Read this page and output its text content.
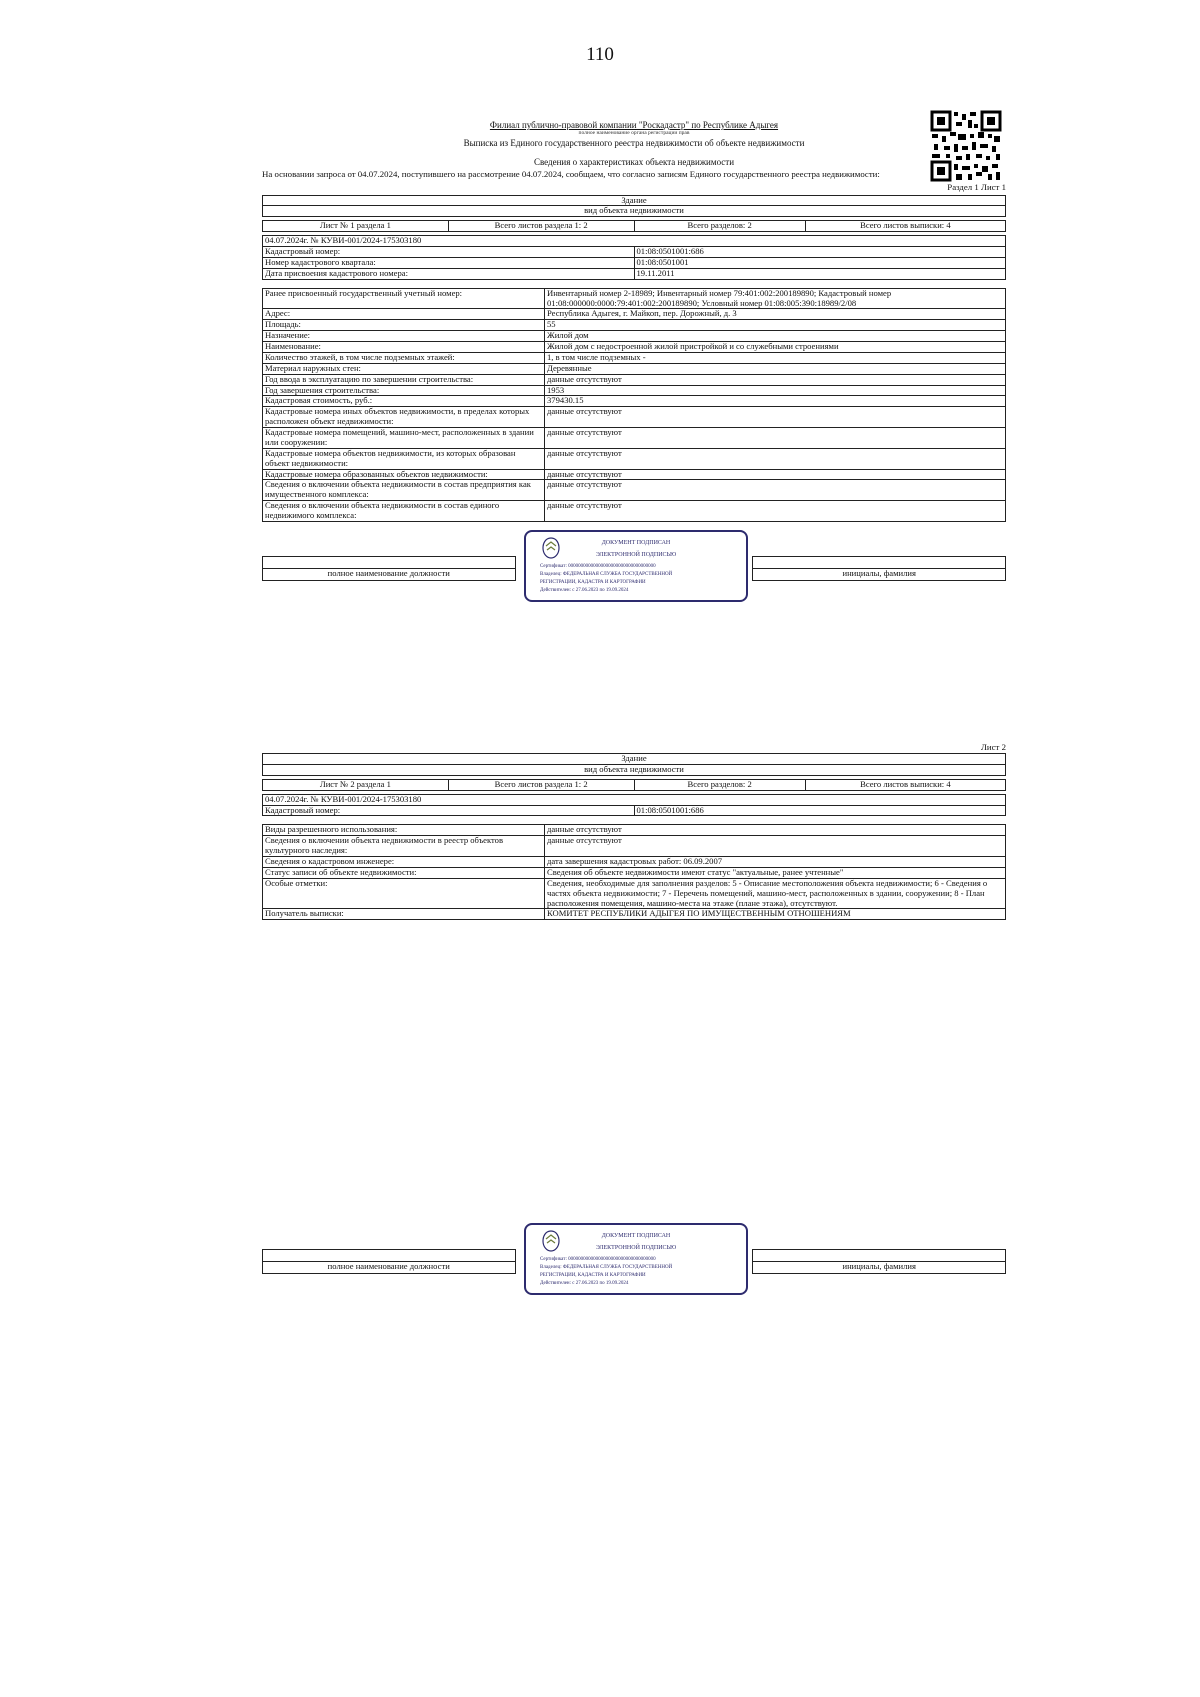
110
Филиал публично-правовой компании "Роскадастр" по Республике Адыгея
полное наименование органа регистрации прав
Выписка из Единого государственного реестра недвижимости об объекте недвижимости
Сведения о характеристиках объекта недвижимости
На основании запроса от 04.07.2024, поступившего на рассмотрение 04.07.2024, сообщаем, что согласно записям Единого государственного реестра недвижимости:
Раздел 1 Лист 1
Здание
вид объекта недвижимости
Лист № 1 раздела 1	Всего листов раздела 1: 2	Всего разделов: 2	Всего листов выписки: 4
04.07.2024г. № КУВИ-001/2024-175303180	
Кадастровый номер:	01:08:0501001:686
Номер кадастрового квартала:	01:08:0501001
Дата присвоения кадастрового номера:	19.11.2011
Ранее присвоенный государственный учетный номер:	Инвентарный номер 2-18989; Инвентарный номер 79:401:002:200189890; Кадастровый номер 01:08:000000:0000:79:401:002:200189890; Условный номер 01:08:005:390:18989/2/08
Адрес:	Республика Адыгея, г. Майкоп, пер. Дорожный, д. 3
Площадь:	55
Назначение:	Жилой дом
Наименование:	Жилой дом с недостроенной жилой пристройкой и со служебными строениями
Количество этажей, в том числе подземных этажей:	1, в том числе подземных -
Материал наружных стен:	Деревянные
Год ввода в эксплуатацию по завершении строительства:	данные отсутствуют
Год завершения строительства:	1953
Кадастровая стоимость, руб.:	379430.15
Кадастровые номера иных объектов недвижимости, в пределах которых расположен объект недвижимости:	данные отсутствуют
Кадастровые номера помещений, машино-мест, расположенных в здании или сооружении:	данные отсутствуют
Кадастровые номера объектов недвижимости, из которых образован объект недвижимости:	данные отсутствуют
Кадастровые номера образованных объектов недвижимости:	данные отсутствуют
Сведения о включении объекта недвижимости в состав предприятия как имущественного комплекса:	данные отсутствуют
Сведения о включении объекта недвижимости в состав единого недвижимого комплекса:	данные отсутствуют

полное наименование должности		инициалы, фамилия
ДОКУМЕНТ ПОДПИСАН
ЭЛЕКТРОННОЙ ПОДПИСЬЮ
Сертификат: 00000000000000000000000000000000000
Владелец: ФЕДЕРАЛЬНАЯ СЛУЖБА ГОСУДАРСТВЕННОЙ
РЕГИСТРАЦИИ, КАДАСТРА И КАРТОГРАФИИ
Действителен: с 27.06.2023 по 19.09.2024
Лист 2
Здание
вид объекта недвижимости
Лист № 2 раздела 1	Всего листов раздела 1: 2	Всего разделов: 2	Всего листов выписки: 4
04.07.2024г. № КУВИ-001/2024-175303180
Кадастровый номер:	01:08:0501001:686
Виды разрешенного использования:	данные отсутствуют
Сведения о включении объекта недвижимости в реестр объектов культурного наследия:	данные отсутствуют
Сведения о кадастровом инженере:	дата завершения кадастровых работ: 06.09.2007
Статус записи об объекте недвижимости:	Сведения об объекте недвижимости имеют статус "актуальные, ранее учтенные"
Особые отметки:	Сведения, необходимые для заполнения разделов: 5 - Описание местоположения объекта недвижимости; 6 - Сведения о частях объекта недвижимости; 7 - Перечень помещений, машино-мест, расположенных в здании, сооружении; 8 - План расположения помещения, машино-места на этаже (плане этажа), отсутствуют.
Получатель выписки:	КОМИТЕТ РЕСПУБЛИКИ АДЫГЕЯ ПО ИМУЩЕСТВЕННЫМ ОТНОШЕНИЯМ

полное наименование должности		инициалы, фамилия
ДОКУМЕНТ ПОДПИСАН
ЭЛЕКТРОННОЙ ПОДПИСЬЮ
Сертификат: 00000000000000000000000000000000000
Владелец: ФЕДЕРАЛЬНАЯ СЛУЖБА ГОСУДАРСТВЕННОЙ
РЕГИСТРАЦИИ, КАДАСТРА И КАРТОГРАФИИ
Действителен: с 27.06.2023 по 19.09.2024
